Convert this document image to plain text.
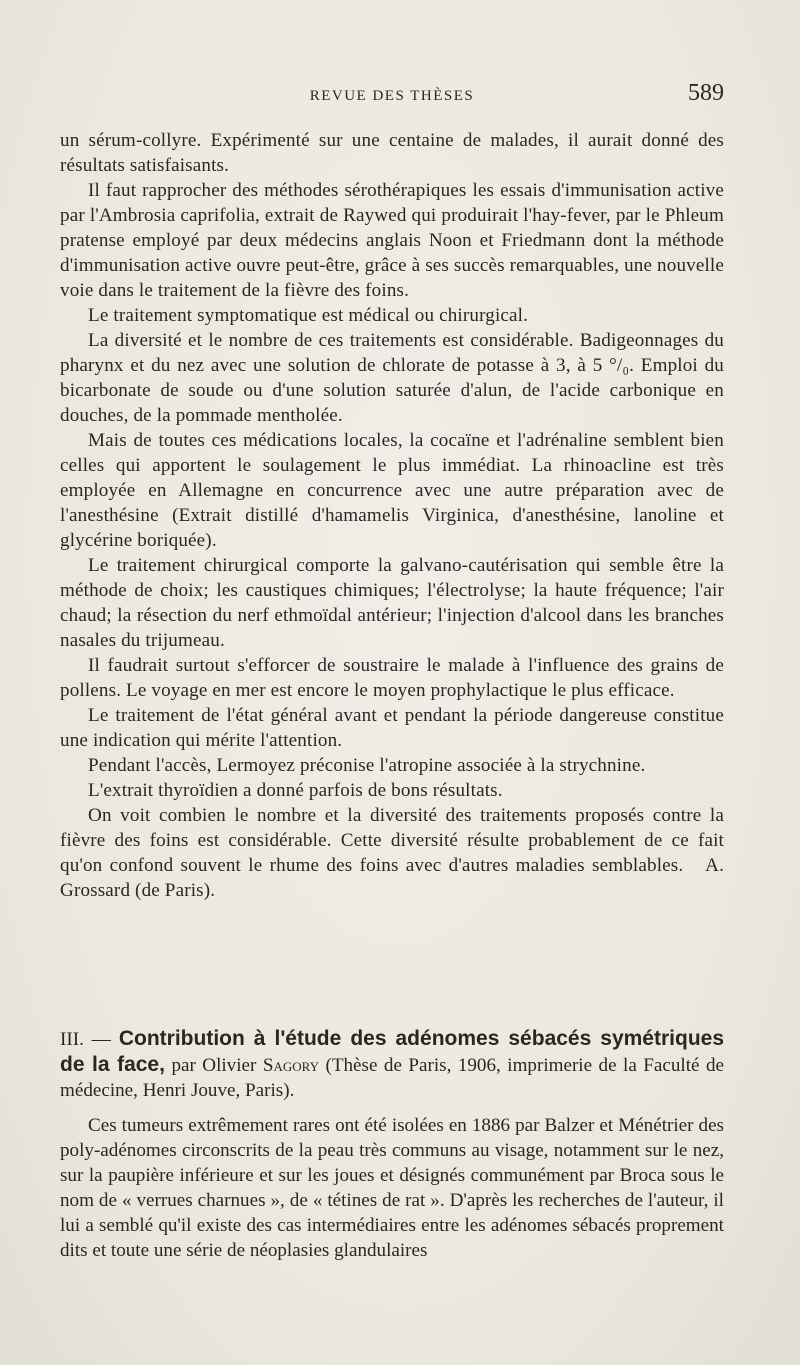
REVUE DES THÈSES	589

un sérum-collyre. Expérimenté sur une centaine de malades, il aurait donné des résultats satisfaisants.

Il faut rapprocher des méthodes sérothérapiques les essais d'immunisation active par l'Ambrosia caprifolia, extrait de Raywed qui produirait l'hay-fever, par le Phleum pratense employé par deux médecins anglais Noon et Friedmann dont la méthode d'immunisation active ouvre peut-être, grâce à ses succès remarquables, une nouvelle voie dans le traitement de la fièvre des foins.

Le traitement symptomatique est médical ou chirurgical.

La diversité et le nombre de ces traitements est considérable. Badigeonnages du pharynx et du nez avec une solution de chlorate de potasse à 3, à 5 °/₀. Emploi du bicarbonate de soude ou d'une solution saturée d'alun, de l'acide carbonique en douches, de la pommade menthol​ée.

Mais de toutes ces médications locales, la cocaïne et l'adrénaline semblent bien celles qui apportent le soulagement le plus immédiat. La rhinoacline est très employée en Allemagne en concurrence avec une autre préparation avec de l'anesthésine (Extrait distillé d'hamamelis Virginica, d'anesthésine, lanoline et glycérine boriquée).

Le traitement chirurgical comporte la galvano-cautérisation qui semble être la méthode de choix; les caustiques chimiques; l'électrolyse; la haute fréquence; l'air chaud; la résection du nerf ethmoïdal antérieur; l'injection d'alcool dans les branches nasales du trijumeau.

Il faudrait surtout s'efforcer de soustraire le malade à l'influence des grains de pollens. Le voyage en mer est encore le moyen prophylactique le plus efficace.

Le traitement de l'état général avant et pendant la période dangereuse constitue une indication qui mérite l'attention.

Pendant l'accès, Lermoyez préconise l'atropine associée à la strychnine.

L'extrait thyroïdien a donné parfois de bons résultats.

On voit combien le nombre et la diversité des traitements proposés contre la fièvre des foins est considérable. Cette diversité résulte probablement de ce fait qu'on confond souvent le rhume des foins avec d'autres maladies semblables. A. Grossard (de Paris).

III. — Contribution à l'étude des adénomes sébacés symétriques de la face, par Olivier Sagory (Thèse de Paris, 1906, imprimerie de la Faculté de médecine, Henri Jouve, Paris).

Ces tumeurs extrêmement rares ont été isolées en 1886 par Balzer et Ménétrier des poly-adénomes circonscrits de la peau très communs au visage, notamment sur le nez, sur la paupière inférieure et sur les joues et désignés communément par Broca sous le nom de « verrues charnues », de « tétines de rat ». D'après les recherches de l'auteur, il lui a semblé qu'il existe des cas intermédiaires entre les adénomes sébacés proprement dits et toute une série de néoplasies glandulaires
